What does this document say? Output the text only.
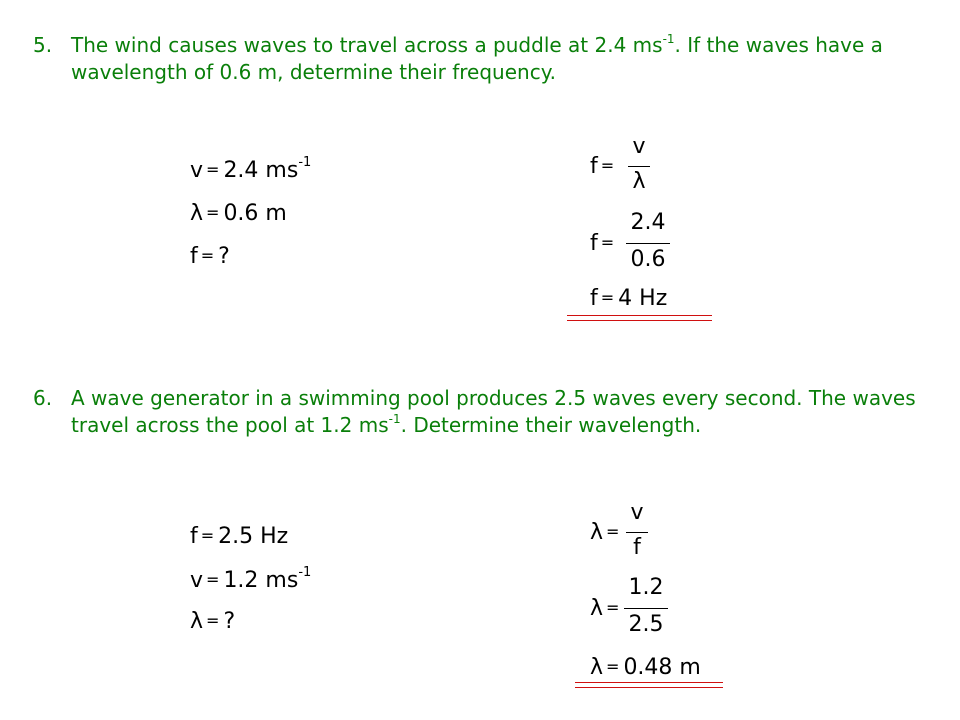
5. The wind causes waves to travel across a puddle at 2.4 $ms^{-1}$. If the waves have a wavelength of 0.6 m, determine their frequency.
v = 2.4 $ms^{-1}$
λ = 0.6 m
f = ?
f =
v
λ
f =
2.4
0.6
f = 4 Hz
6. A wave generator in a swimming pool produces 2.5 waves every second. The waves travel across the pool at 1.2 $ms^{-1}$. Determine their wavelength.
f = 2.5 Hz
v = 1.2 $ms^{-1}$
λ = ?
λ =
v
f
λ =
1.2
2.5
λ = 0.48 m
